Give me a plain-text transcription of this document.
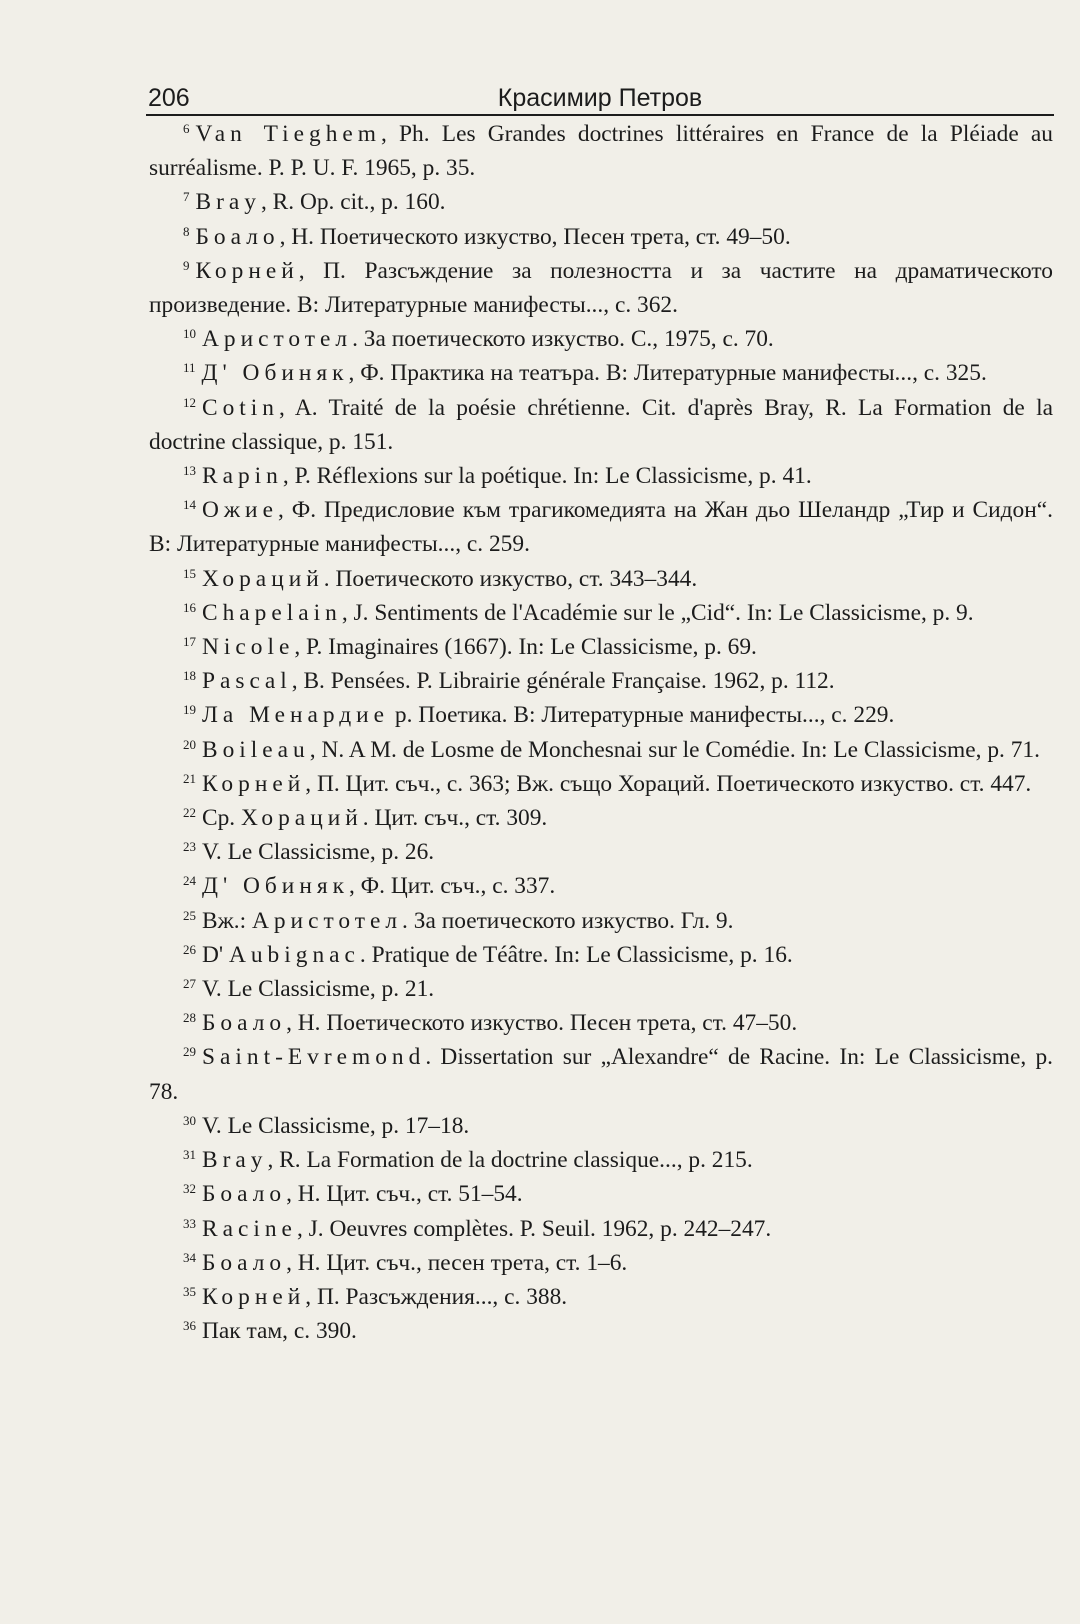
206	Красимир Петров

$^6$ Van Tieghem, Ph. Les Grandes doctrines littéraires en France de la Pléiade au surréalisme. P. P. U. F. 1965, p. 35.

$^7$ Bray, R. Op. cit., p. 160.

$^8$ Боало, Н. Поетическото изкуство, Песен трета, ст. 49–50.

$^9$ Корней, П. Разсъждение за полезността и за частите на драматическото произведение. В: Литературные манифесты..., с. 362.

$^{10}$ Аристотел. За поетическото изкуство. С., 1975, с. 70.

$^{11}$ Д' Обиняк, Ф. Практика на театъра. В: Литературные манифесты..., с. 325.

$^{12}$ Cotin, A. Traité de la poésie chrétienne. Cit. d'après Bray, R. La Formation de la doctrine classique, p. 151.

$^{13}$ Rapin, P. Réflexions sur la poétique. In: Le Classicisme, p. 41.

$^{14}$ Ожие, Ф. Предисловие към трагикомедията на Жан дьо Шеландр „Тир и Сидон“. В: Литературные манифесты..., с. 259.

$^{15}$ Хораций. Поетическото изкуство, ст. 343–344.

$^{16}$ Chapelain, J. Sentiments de l'Académie sur le „Cid“. In: Le Classicisme, p. 9.

$^{17}$ Nicole, P. Imaginaires (1667). In: Le Classicisme, p. 69.

$^{18}$ Pascal, B. Pensées. P. Librairie générale Française. 1962, p. 112.

$^{19}$ Ла Менардие р. Поетика. В: Литературные манифесты..., с. 229.

$^{20}$ Boileau, N. A M. de Losme de Monchesnai sur le Comédie. In: Le Classicisme, p. 71.

$^{21}$ Корней, П. Цит. съч., с. 363; Вж. също Хораций. Поетическото изкуство. ст. 447.

$^{22}$ Ср. Хораций. Цит. съч., ст. 309.

$^{23}$ V. Le Classicisme, p. 26.

$^{24}$ Д' Обиняк, Ф. Цит. съч., с. 337.

$^{25}$ Вж.: Аристотел. За поетическото изкуство. Гл. 9.

$^{26}$ D' Aubignac. Pratique de Téâtre. In: Le Classicisme, p. 16.

$^{27}$ V. Le Classicisme, p. 21.

$^{28}$ Боало, Н. Поетическото изкуство. Песен трета, ст. 47–50.

$^{29}$ Saint-Evremond. Dissertation sur „Alexandre“ de Racine. In: Le Classicisme, p. 78.

$^{30}$ V. Le Classicisme, p. 17–18.

$^{31}$ Bray, R. La Formation de la doctrine classique..., p. 215.

$^{32}$ Боало, Н. Цит. съч., ст. 51–54.

$^{33}$ Racine, J. Oeuvres complètes. P. Seuil. 1962, p. 242–247.

$^{34}$ Боало, Н. Цит. съч., песен трета, ст. 1–6.

$^{35}$ Корней, П. Разсъждения..., с. 388.

$^{36}$ Пак там, с. 390.
